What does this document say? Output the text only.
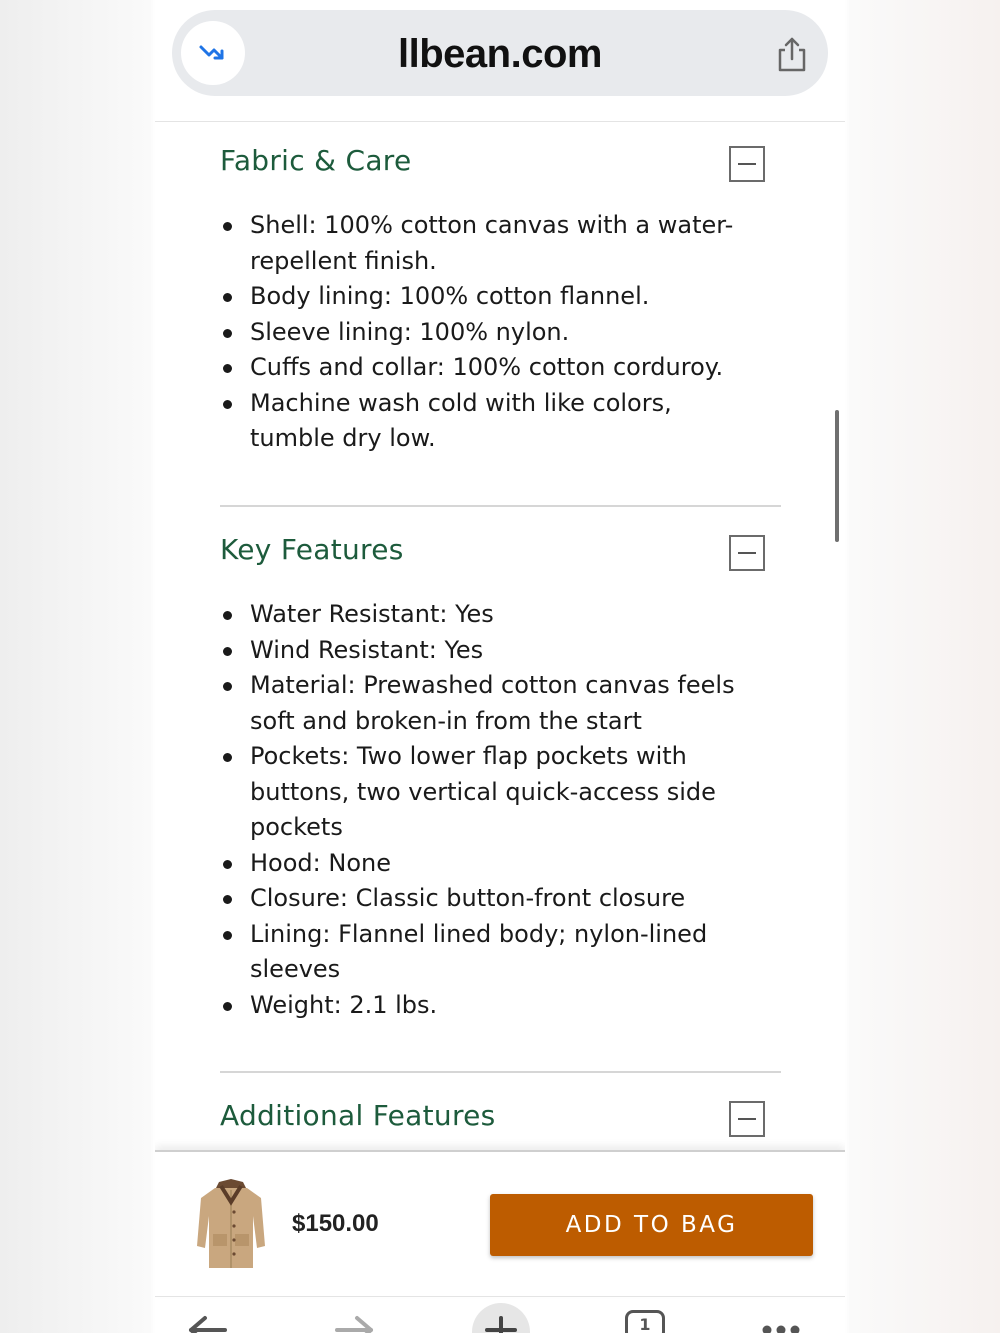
llbean.com
Fabric & Care
Shell: 100% cotton canvas with a water-repellent finish.
Body lining: 100% cotton flannel.
Sleeve lining: 100% nylon.
Cuffs and collar: 100% cotton corduroy.
Machine wash cold with like colors, tumble dry low.
Key Features
Water Resistant: Yes
Wind Resistant: Yes
Material: Prewashed cotton canvas feels soft and broken-in from the start
Pockets: Two lower flap pockets with buttons, two vertical quick-access side pockets
Hood: None
Closure: Classic button-front closure
Lining: Flannel lined body; nylon-lined sleeves
Weight: 2.1 lbs.
Additional Features
$150.00	ADD TO BAG
1
